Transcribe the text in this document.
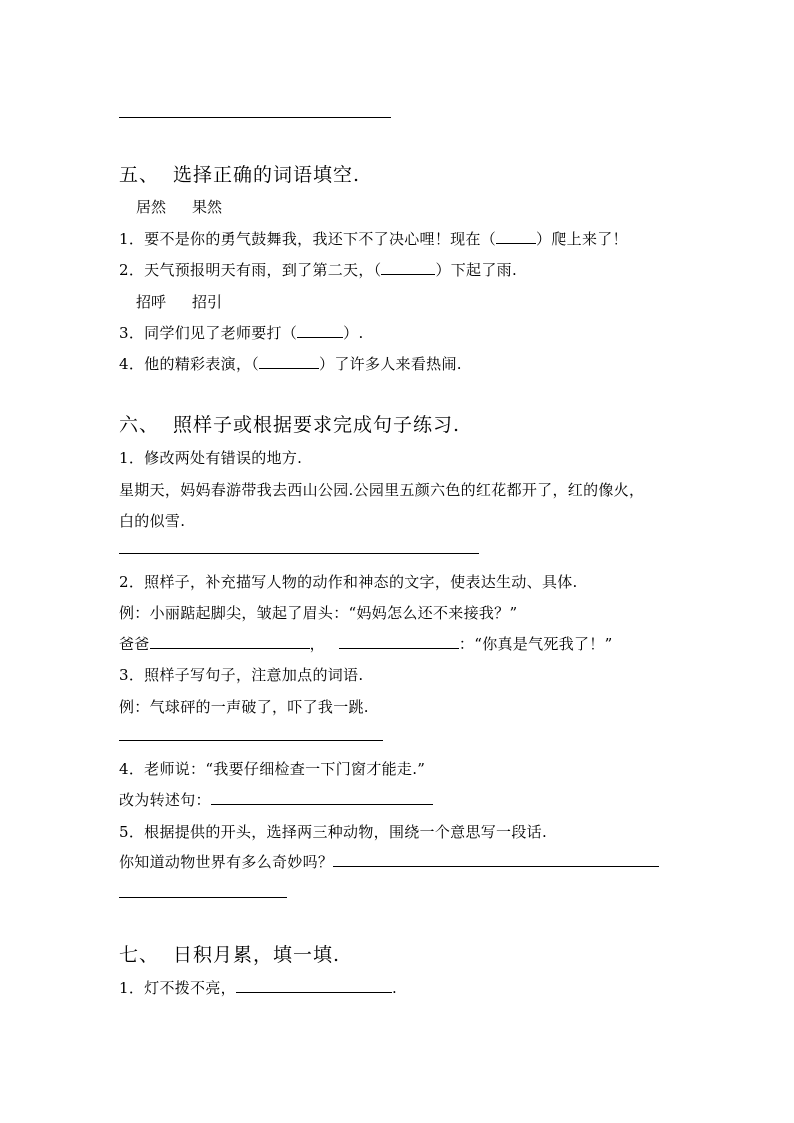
五、 选择正确的词语填空.
居然 果然
1．要不是你的勇气鼓舞我，我还下不了决心哩！现在（	）爬上来了！
2．天气预报明天有雨，到了第二天，（	）下起了雨.
招呼 招引
3．同学们见了老师要打（	）.
4．他的精彩表演，（	）了许多人来看热闹.
六、 照样子或根据要求完成句子练习.
1．修改两处有错误的地方.
星期天，妈妈春游带我去西山公园.公园里五颜六色的红花都开了，红的像火，
白的似雪.
2．照样子，补充描写人物的动作和神态的文字，使表达生动、具体.
例：小丽踮起脚尖，皱起了眉头：“妈妈怎么还不来接我？”
爸爸	，	：“你真是气死我了！”
3．照样子写句子，注意加点的词语.
例：气球砰的一声破了，吓了我一跳.
4．老师说：“我要仔细检查一下门窗才能走.”
改为转述句：
5．根据提供的开头，选择两三种动物，围绕一个意思写一段话.
你知道动物世界有多么奇妙吗？
七、 日积月累，填一填.
1．灯不拨不亮，	.
